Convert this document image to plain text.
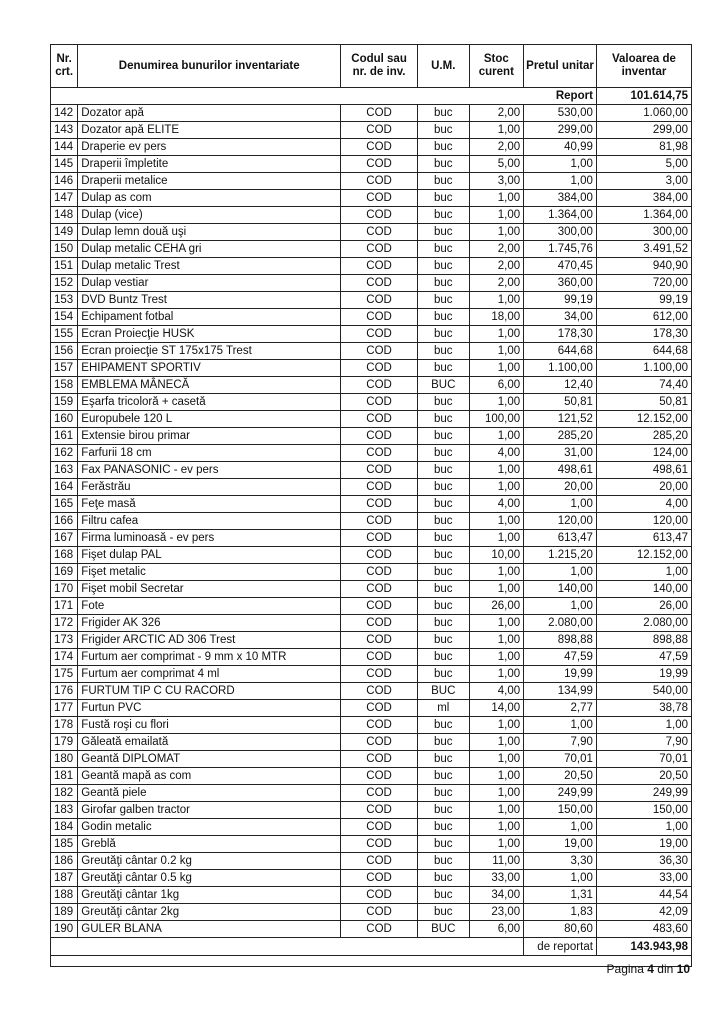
Nr. crt.	Denumirea bunurilor inventariate	Codul sau nr. de inv.	U.M.	Stoc curent	Pretul unitar	Valoarea de inventar
					Report	101.614,75
142	Dozator apă	COD	buc	2,00	530,00	1.060,00
143	Dozator apă ELITE	COD	buc	1,00	299,00	299,00
144	Draperie ev pers	COD	buc	2,00	40,99	81,98
145	Draperii împletite	COD	buc	5,00	1,00	5,00
146	Draperii metalice	COD	buc	3,00	1,00	3,00
147	Dulap as com	COD	buc	1,00	384,00	384,00
148	Dulap (vice)	COD	buc	1,00	1.364,00	1.364,00
149	Dulap lemn două uşi	COD	buc	1,00	300,00	300,00
150	Dulap metalic CEHA gri	COD	buc	2,00	1.745,76	3.491,52
151	Dulap metalic Trest	COD	buc	2,00	470,45	940,90
152	Dulap vestiar	COD	buc	2,00	360,00	720,00
153	DVD Buntz Trest	COD	buc	1,00	99,19	99,19
154	Echipament fotbal	COD	buc	18,00	34,00	612,00
155	Ecran Proiecţie HUSK	COD	buc	1,00	178,30	178,30
156	Ecran proiecţie ST 175x175 Trest	COD	buc	1,00	644,68	644,68
157	EHIPAMENT SPORTIV	COD	buc	1,00	1.100,00	1.100,00
158	EMBLEMA MÂNECĂ	COD	BUC	6,00	12,40	74,40
159	Eşarfa tricoloră + casetă	COD	buc	1,00	50,81	50,81
160	Europubele 120 L	COD	buc	100,00	121,52	12.152,00
161	Extensie birou primar	COD	buc	1,00	285,20	285,20
162	Farfurii 18 cm	COD	buc	4,00	31,00	124,00
163	Fax PANASONIC - ev pers	COD	buc	1,00	498,61	498,61
164	Ferăstrău	COD	buc	1,00	20,00	20,00
165	Feţe masă	COD	buc	4,00	1,00	4,00
166	Filtru cafea	COD	buc	1,00	120,00	120,00
167	Firma luminoasă - ev pers	COD	buc	1,00	613,47	613,47
168	Fişet dulap PAL	COD	buc	10,00	1.215,20	12.152,00
169	Fişet metalic	COD	buc	1,00	1,00	1,00
170	Fişet mobil Secretar	COD	buc	1,00	140,00	140,00
171	Fote	COD	buc	26,00	1,00	26,00
172	Frigider AK 326	COD	buc	1,00	2.080,00	2.080,00
173	Frigider ARCTIC AD 306 Trest	COD	buc	1,00	898,88	898,88
174	Furtum aer comprimat - 9 mm x 10 MTR	COD	buc	1,00	47,59	47,59
175	Furtum aer comprimat 4 ml	COD	buc	1,00	19,99	19,99
176	FURTUM TIP C CU RACORD	COD	BUC	4,00	134,99	540,00
177	Furtun PVC	COD	ml	14,00	2,77	38,78
178	Fustă roşi cu flori	COD	buc	1,00	1,00	1,00
179	Găleată emailată	COD	buc	1,00	7,90	7,90
180	Geantă DIPLOMAT	COD	buc	1,00	70,01	70,01
181	Geantă mapă as com	COD	buc	1,00	20,50	20,50
182	Geantă piele	COD	buc	1,00	249,99	249,99
183	Girofar galben tractor	COD	buc	1,00	150,00	150,00
184	Godin metalic	COD	buc	1,00	1,00	1,00
185	Greblă	COD	buc	1,00	19,00	19,00
186	Greutăţi cântar 0.2 kg	COD	buc	11,00	3,30	36,30
187	Greutăţi cântar 0.5 kg	COD	buc	33,00	1,00	33,00
188	Greutăţi cântar 1kg	COD	buc	34,00	1,31	44,54
189	Greutăţi cântar 2kg	COD	buc	23,00	1,83	42,09
190	GULER BLANA	COD	BUC	6,00	80,60	483,60
					de reportat	143.943,98

Pagina 4 din 10
